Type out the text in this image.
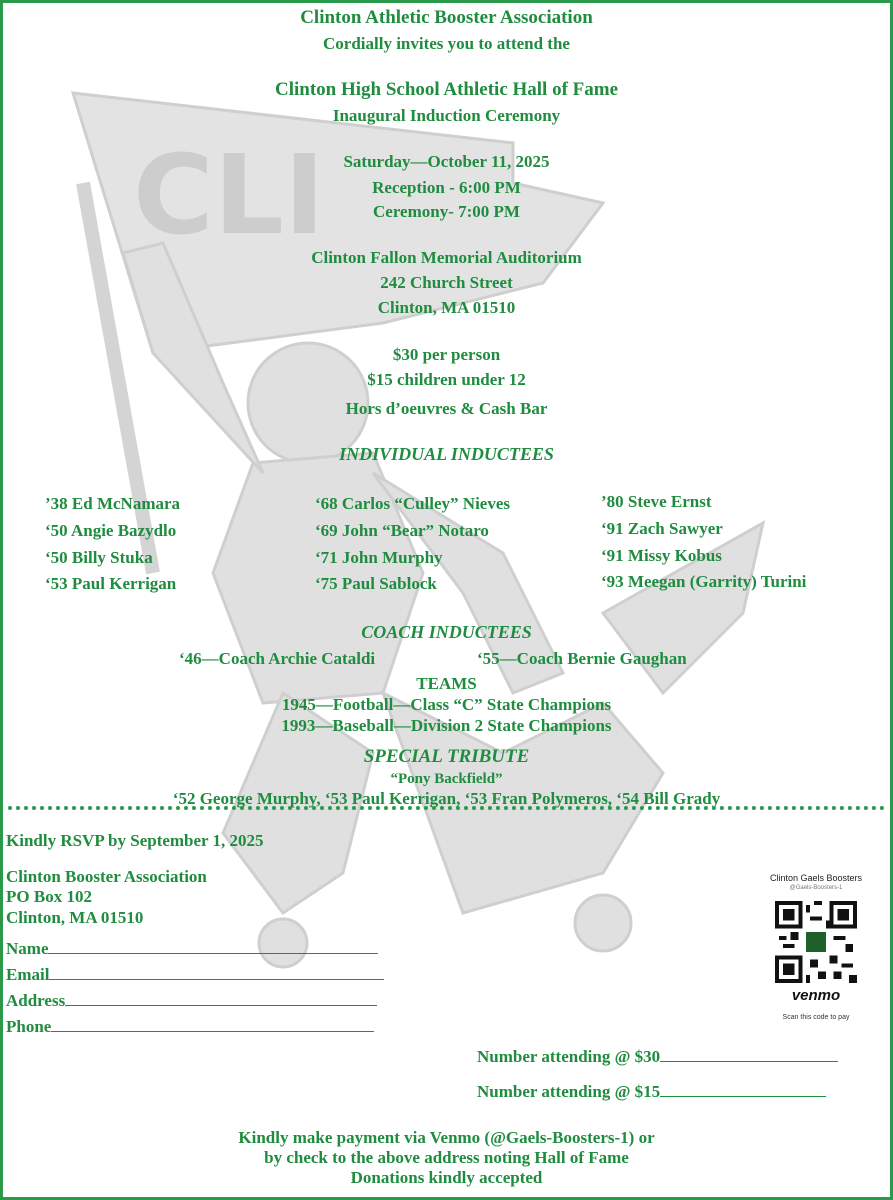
CLI
Clinton Athletic Booster Association
Cordially invites you to attend the
Clinton High School Athletic Hall of Fame
Inaugural Induction Ceremony
Saturday—October 11, 2025
Reception - 6:00 PM
Ceremony- 7:00 PM
Clinton Fallon Memorial Auditorium
242 Church Street
Clinton, MA 01510
$30 per person
$15 children under 12
Hors d’oeuvres & Cash Bar
INDIVIDUAL INDUCTEES
’38 Ed McNamara
‘50 Angie Bazydlo
‘50 Billy Stuka
‘53 Paul Kerrigan
‘68 Carlos “Culley” Nieves
‘69 John “Bear” Notaro
‘71 John Murphy
‘75 Paul Sablock
’80 Steve Ernst
‘91 Zach Sawyer
‘91 Missy Kobus
‘93 Meegan (Garrity) Turini
COACH INDUCTEES
‘46—Coach Archie Cataldi	‘55—Coach Bernie Gaughan
TEAMS
1945—Football—Class “C” State Champions
1993—Baseball—Division 2 State Champions
SPECIAL TRIBUTE
“Pony Backfield”
‘52 George Murphy, ‘53 Paul Kerrigan, ‘53 Fran Polymeros, ‘54 Bill Grady
Kindly RSVP by September 1, 2025
Clinton Booster Association
PO Box 102
Clinton, MA 01510
Name
Email
Address
Phone
Number attending @ $30
Number attending @ $15
Clinton Gaels Boosters
@Gaels-Boosters-1
venmo
Scan this code to pay
Kindly make payment via Venmo (@Gaels-Boosters-1) or
by check to the above address noting Hall of Fame
Donations kindly accepted
